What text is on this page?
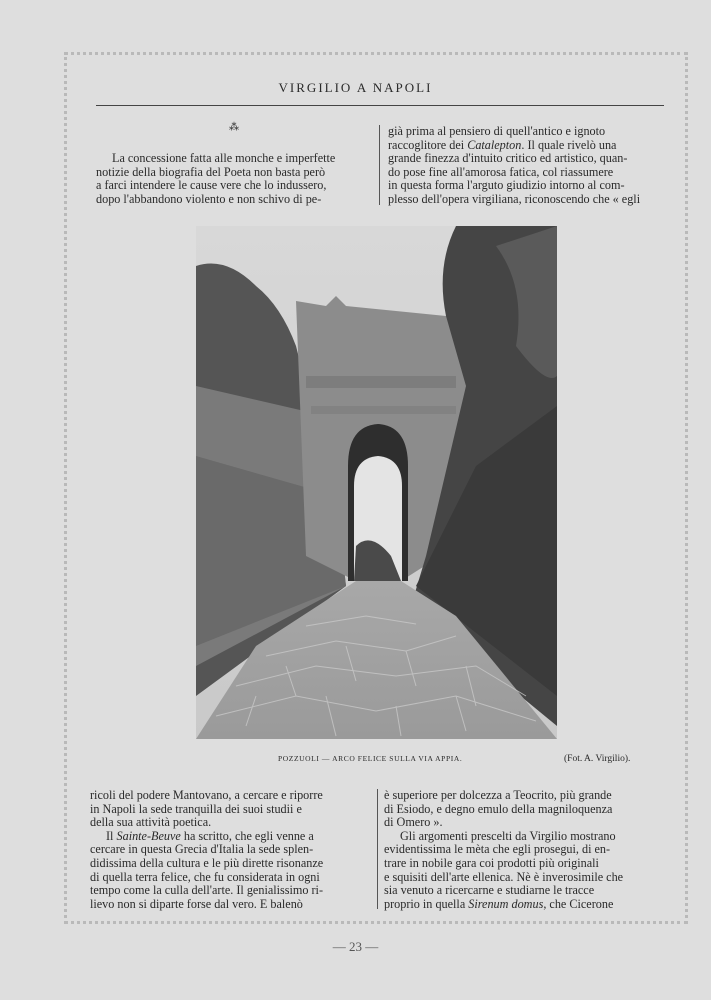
VIRGILIO A NAPOLI
⁂

La concessione fatta alle monche e imperfette

notizie della biografia del Poeta non basta però

a farci intendere le cause vere che lo indussero,

dopo l'abbandono violento e non schivo di pe-

già prima al pensiero di quell'antico e ignoto

raccoglitore dei Catalepton. Il quale rivelò una

grande finezza d'intuito critico ed artistico, quan-

do pose fine all'amorosa fatica, col riassumere

in questa forma l'arguto giudizio intorno al com-

plesso dell'opera virgiliana, riconoscendo che « egli

POZZUOLI — ARCO FELICE SULLA VIA APPIA.	(Fot. A. Virgilio).

ricoli del podere Mantovano, a cercare e riporre

in Napoli la sede tranquilla dei suoi studii e

della sua attività poetica.

Il Sainte-Beuve ha scritto, che egli venne a

cercare in questa Grecia d'Italia la sede splen-

didissima della cultura e le più dirette risonanze

di quella terra felice, che fu considerata in ogni

tempo come la culla dell'arte. Il genialissimo ri-

lievo non si diparte forse dal vero. E balenò

è superiore per dolcezza a Teocrito, più grande

di Esiodo, e degno emulo della magniloquenza

di Omero ».

Gli argomenti prescelti da Virgilio mostrano

evidentissima le mèta che egli prosegui, di en-

trare in nobile gara coi prodotti più originali

e squisiti dell'arte ellenica. Nè è inverosimile che

sia venuto a ricercarne e studiarne le tracce

proprio in quella Sirenum domus, che Cicerone

— 23 —
